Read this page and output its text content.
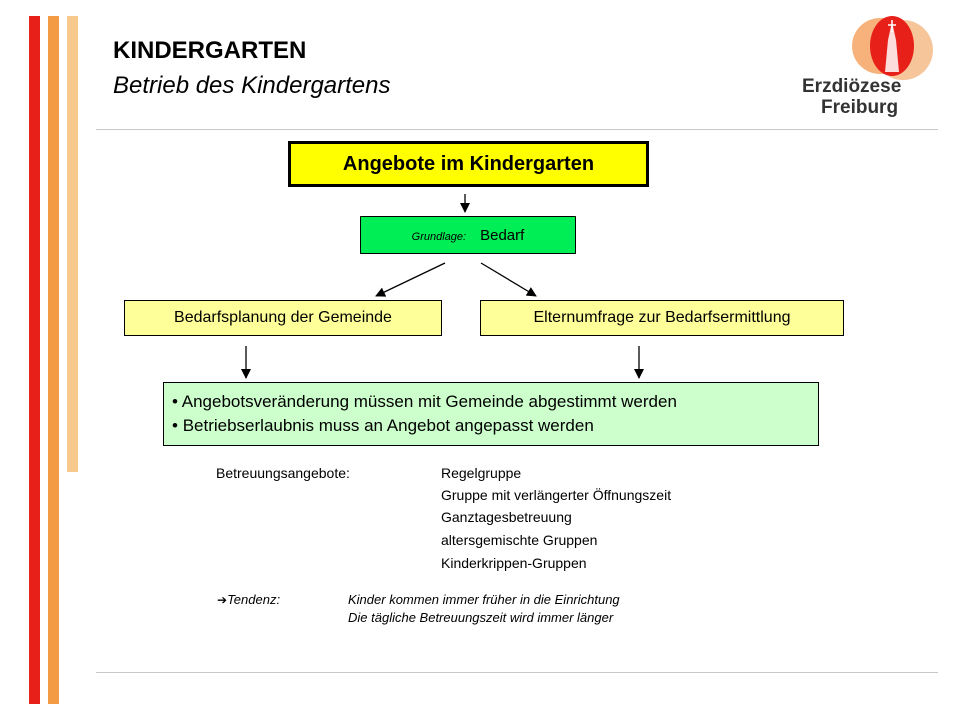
KINDERGARTEN
Betrieb des Kindergartens	Erzdiözese
Freiburg
Angebote im Kindergarten
Grundlage: Bedarf
Bedarfsplanung der Gemeinde	Elternumfrage zur Bedarfsermittlung
• Angebotsveränderung müssen mit Gemeinde abgestimmt werden
• Betriebserlaubnis muss an Angebot angepasst werden
Betreuungsangebote:	Regelgruppe
Gruppe mit verlängerter Öffnungszeit
Ganztagesbetreuung
altersgemischte Gruppen
Kinderkrippen-Gruppen
➔Tendenz:	Kinder kommen immer früher in die Einrichtung
Die tägliche Betreuungszeit wird immer länger
